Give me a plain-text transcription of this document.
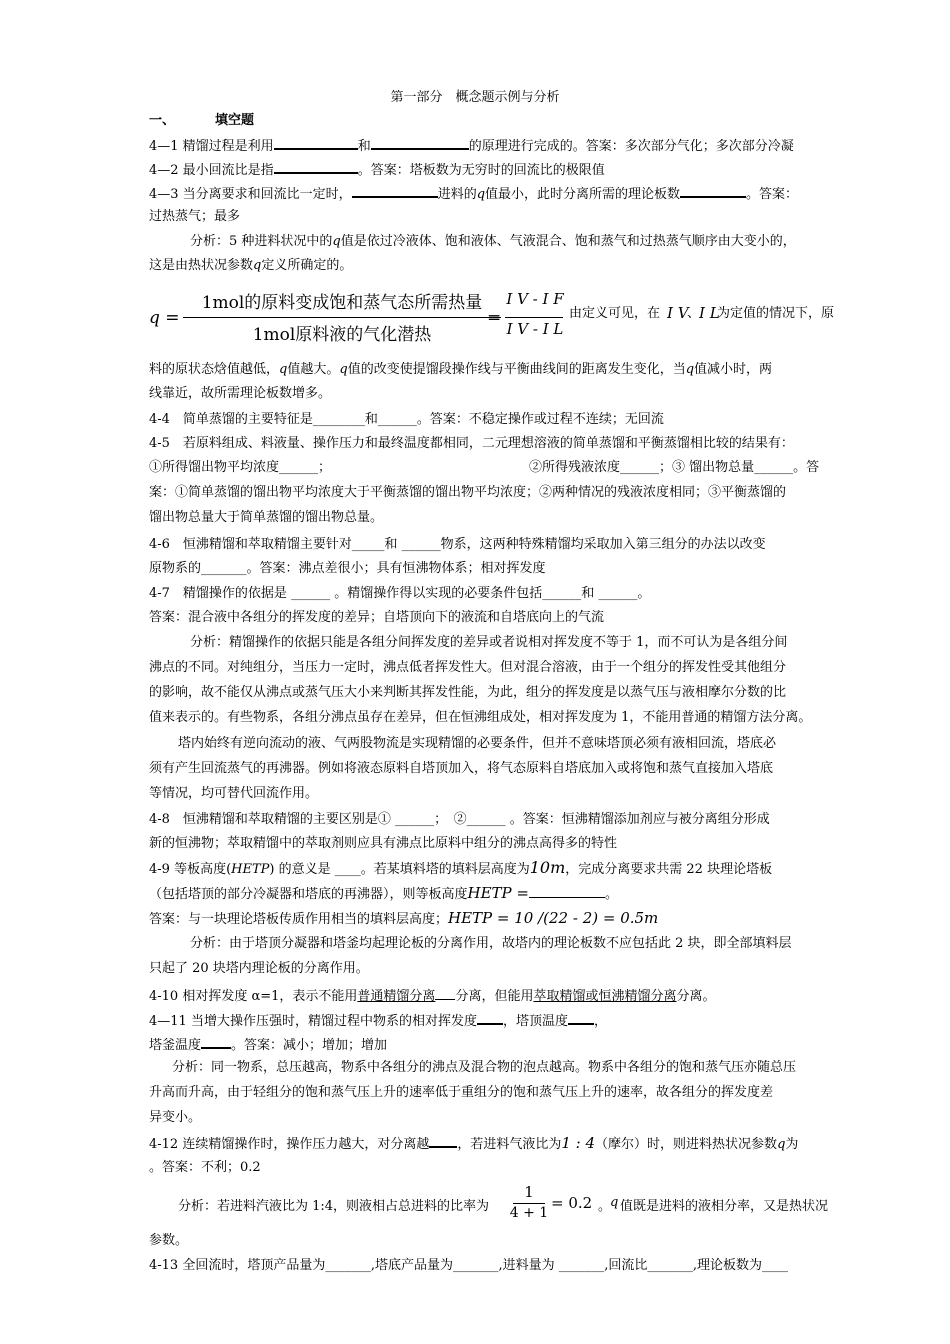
第一部分　概念题示例与分析
一、	填空题
4—1 精馏过程是利用	和	的原理进行完成的。答案：多次部分气化；多次部分冷凝
4—2 最小回流比是指	。答案：塔板数为无穷时的回流比的极限值
4—3 当分离要求和回流比一定时，	进料的q值最小，此时分离所需的理论板数	。答案：
过热蒸气；最多
分析：5 种进料状况中的q值是依过冷液体、饱和液体、气液混合、饱和蒸气和过热蒸气顺序由大变小的，
这是由热状况参数q定义所确定的。
q =
1mol的原料变成饱和蒸气态所需热量
1mol原料液的气化潜热
=
I V - I F
I V - I L
由定义可见，在 I V
、
I L
为定值的情况下，原
料的原状态焓值越低，q值越大。q值的改变使提馏段操作线与平衡曲线间的距离发生变化，当q值减小时，两
线靠近，故所需理论板数增多。
4-4　简单蒸馏的主要特征是________和______。答案：不稳定操作或过程不连续；无回流
4-5　若原料组成、料液量、操作压力和最终温度都相同，二元理想溶液的简单蒸馏和平衡蒸馏相比较的结果有：
①所得馏出物平均浓度______；	②所得残液浓度______；③ 馏出物总量______。答
案：①简单蒸馏的馏出物平均浓度大于平衡蒸馏的馏出物平均浓度；②两种情况的残液浓度相同；③平衡蒸馏的
馏出物总量大于简单蒸馏的馏出物总量。
4-6　恒沸精馏和萃取精馏主要针对_____和 ______物系，这两种特殊精馏均采取加入第三组分的办法以改变
原物系的_______。答案：沸点差很小；具有恒沸物体系；相对挥发度
4-7　精馏操作的依据是 ______ 。精馏操作得以实现的必要条件包括______和 ______。
答案：混合液中各组分的挥发度的差异；自塔顶向下的液流和自塔底向上的气流
分析：精馏操作的依据只能是各组分间挥发度的差异或者说相对挥发度不等于 1，而不可认为是各组分间
沸点的不同。对纯组分，当压力一定时，沸点低者挥发性大。但对混合溶液，由于一个组分的挥发性受其他组分
的影响，故不能仅从沸点或蒸气压大小来判断其挥发性能，为此，组分的挥发度是以蒸气压与液相摩尔分数的比
值来表示的。有些物系，各组分沸点虽存在差异，但在恒沸组成处，相对挥发度为 1，不能用普通的精馏方法分离。
塔内始终有逆向流动的液、气两股物流是实现精馏的必要条件，但并不意味塔顶必须有液相回流，塔底必
须有产生回流蒸气的再沸器。例如将液态原料自塔顶加入，将气态原料自塔底加入或将饱和蒸气直接加入塔底
等情况，均可替代回流作用。
4-8　恒沸精馏和萃取精馏的主要区别是① ______；　②______ 。答案：恒沸精馏添加剂应与被分离组分形成
新的恒沸物；萃取精馏中的萃取剂则应具有沸点比原料中组分的沸点高得多的特性
4-9 等板高度(HETP) 的意义是 ____。若某填料塔的填料层高度为10m，完成分离要求共需 22 块理论塔板
（包括塔顶的部分冷凝器和塔底的再沸器），则等板高度HETP =	。
答案：与一块理论塔板传质作用相当的填料层高度；HETP = 10 /(22 - 2) = 0.5m
分析：由于塔顶分凝器和塔釜均起理论板的分离作用，故塔内的理论板数不应包括此 2 块，即全部填料层
只起了 20 块塔内理论板的分离作用。
4-10 相对挥发度 α=1，表示不能用普通精馏分离 分离，但能用萃取精馏或恒沸精馏分离分离。
4—11 当增大操作压强时，精馏过程中物系的相对挥发度 ，塔顶温度 ，
塔釜温度 。答案：减小；增加；增加
分析：同一物系，总压越高，物系中各组分的沸点及混合物的泡点越高。物系中各组分的饱和蒸气压亦随总压
升高而升高，由于轻组分的饱和蒸气压上升的速率低于重组分的饱和蒸气压上升的速率，故各组分的挥发度差
异变小。
4-12 连续精馏操作时，操作压力越大，对分离越 ，若进料气液比为1 : 4（摩尔）时，则进料热状况参数q为
。答案：不利；0.2
分析：若进料汽液比为 1:4，则液相占总进料的比率为
1
4 + 1
= 0.2 。
q 值既是进料的液相分率，又是热状况
参数。
4-13 全回流时，塔顶产品量为_______,塔底产品量为_______,进料量为 _______,回流比_______,理论板数为____
